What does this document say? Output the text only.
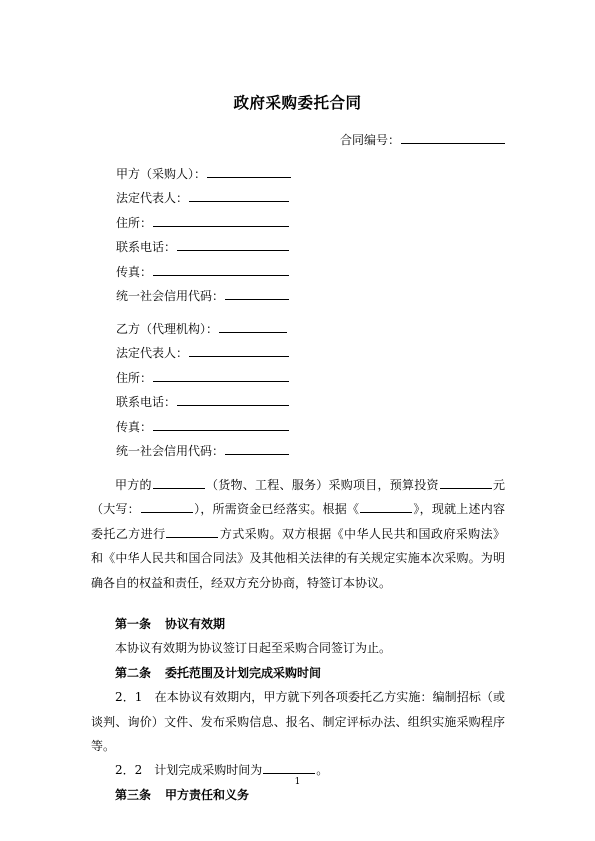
政府采购委托合同
合同编号：
甲方（采购人）：
法定代表人：
住所：
联系电话：
传真：
统一社会信用代码：
乙方（代理机构）：
法定代表人：
住所：
联系电话：
传真：
统一社会信用代码：
甲方的	（货物、工程、服务）采购项目，预算投资	元（大写：	），所需资金已经落实。根据《	》，现就上述内容委托乙方进行	方式采购。双方根据《中华人民共和国政府采购法》和《中华人民共和国合同法》及其他相关法律的有关规定实施本次采购。为明确各自的权益和责任，经双方充分协商，特签订本协议。
第一条 协议有效期
本协议有效期为协议签订日起至采购合同签订为止。
第二条 委托范围及计划完成采购时间
2．1　在本协议有效期内，甲方就下列各项委托乙方实施：编制招标（或谈判、询价）文件、发布采购信息、报名、制定评标办法、组织实施采购程序等。
2．2　计划完成采购时间为	。
第三条 甲方责任和义务
1
